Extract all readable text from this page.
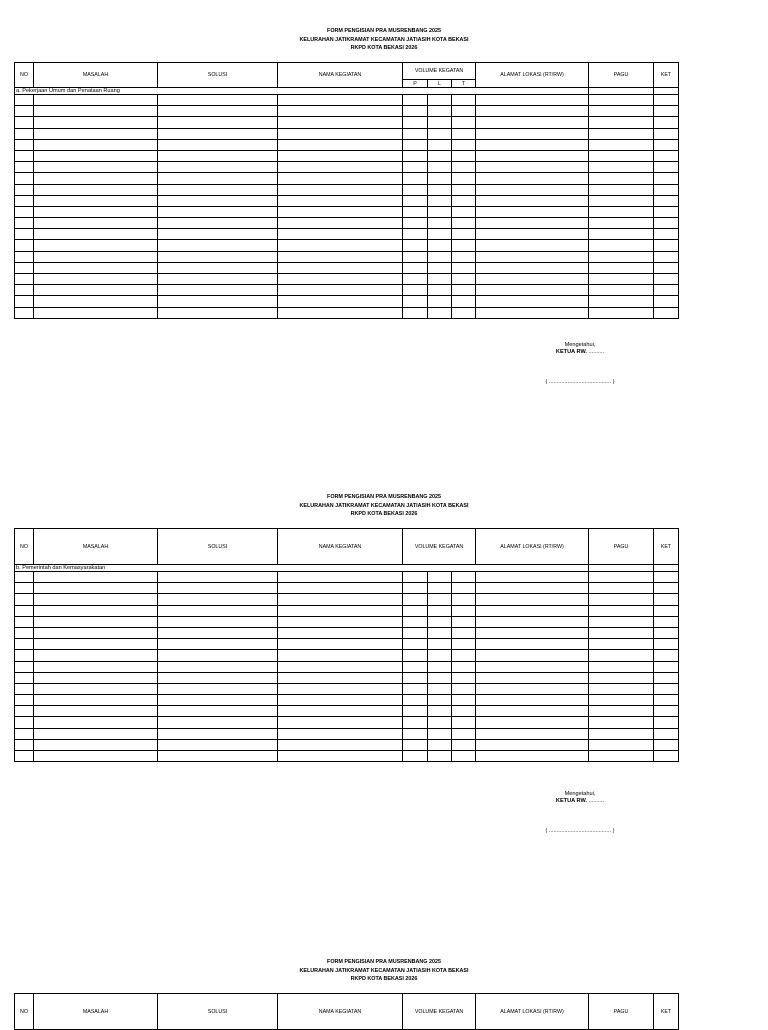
FORM PENGISIAN PRA MUSRENBANG 2025
KELURAHAN JATIKRAMAT KECAMATAN JATIASIH KOTA BEKASI
RKPD KOTA BEKASI 2026
NO	MASALAH	SOLUSI	NAMA KEGIATAN	VOLUME KEGATAN			ALAMAT LOKASI (RT/RW)	PAGU	KET
				P	L	T			
a. Pekerjaan Umum dan Penataan Ruang									

Mengetahui,
KETUA RW. ..........
( ........................................ )
FORM PENGISIAN PRA MUSRENBANG 2025
KELURAHAN JATIKRAMAT KECAMATAN JATIASIH KOTA BEKASI
RKPD KOTA BEKASI 2026
NO	MASALAH	SOLUSI	NAMA KEGIATAN	VOLUME KEGATAN			ALAMAT LOKASI (RT/RW)	PAGU	KET
b. Pemerintah dan Kemasyarakatan									

Mengetahui,
KETUA RW. ..........
( ........................................ )
FORM PENGISIAN PRA MUSRENBANG 2025
KELURAHAN JATIKRAMAT KECAMATAN JATIASIH KOTA BEKASI
RKPD KOTA BEKASI 2026
NO	MASALAH	SOLUSI	NAMA KEGIATAN	VOLUME KEGATAN	ALAMAT LOKASI (RT/RW)	PAGU	KET
